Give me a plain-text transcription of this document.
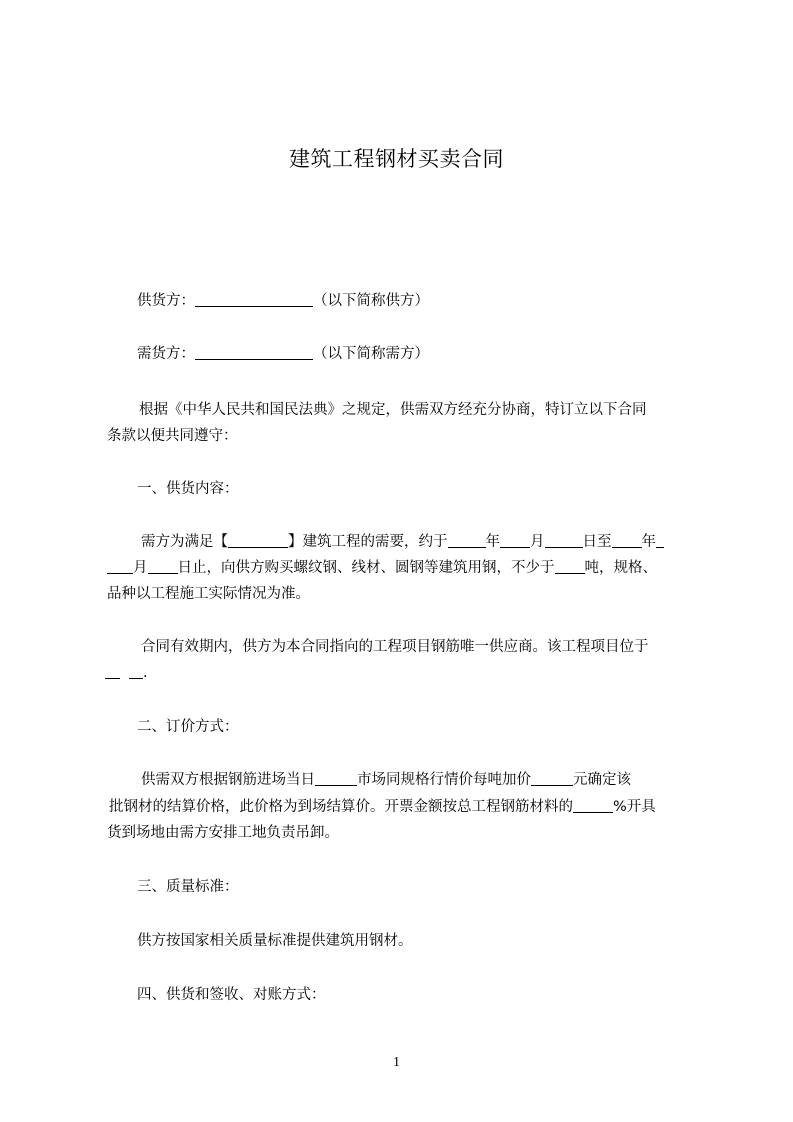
建筑工程钢材买卖合同
供货方：	（以下简称供方）
需货方：	（以下简称需方）
根据《中华人民共和国民法典》之规定，供需双方经充分协商，特订立以下合同
条款以便共同遵守：
一、供货内容：
需方为满足【	】建筑工程的需要，约于	年 月	日至 年
月 日止，向供方购买螺纹钢、线材、圆钢等建筑用钢，不少于 吨，规格、
品种以工程施工实际情况为准。
合同有效期内，供方为本合同指向的工程项目钢筋唯一供应商。该工程项目位于
.
二、订价方式：
供需双方根据钢筋进场当日	市场同规格行情价每吨加价	元确定该
批钢材的结算价格，此价格为到场结算价。开票金额按总工程钢筋材料的	%开具
货到场地由需方安排工地负责吊卸。
三、质量标准：
供方按国家相关质量标准提供建筑用钢材。
四、供货和签收、对账方式：
1
